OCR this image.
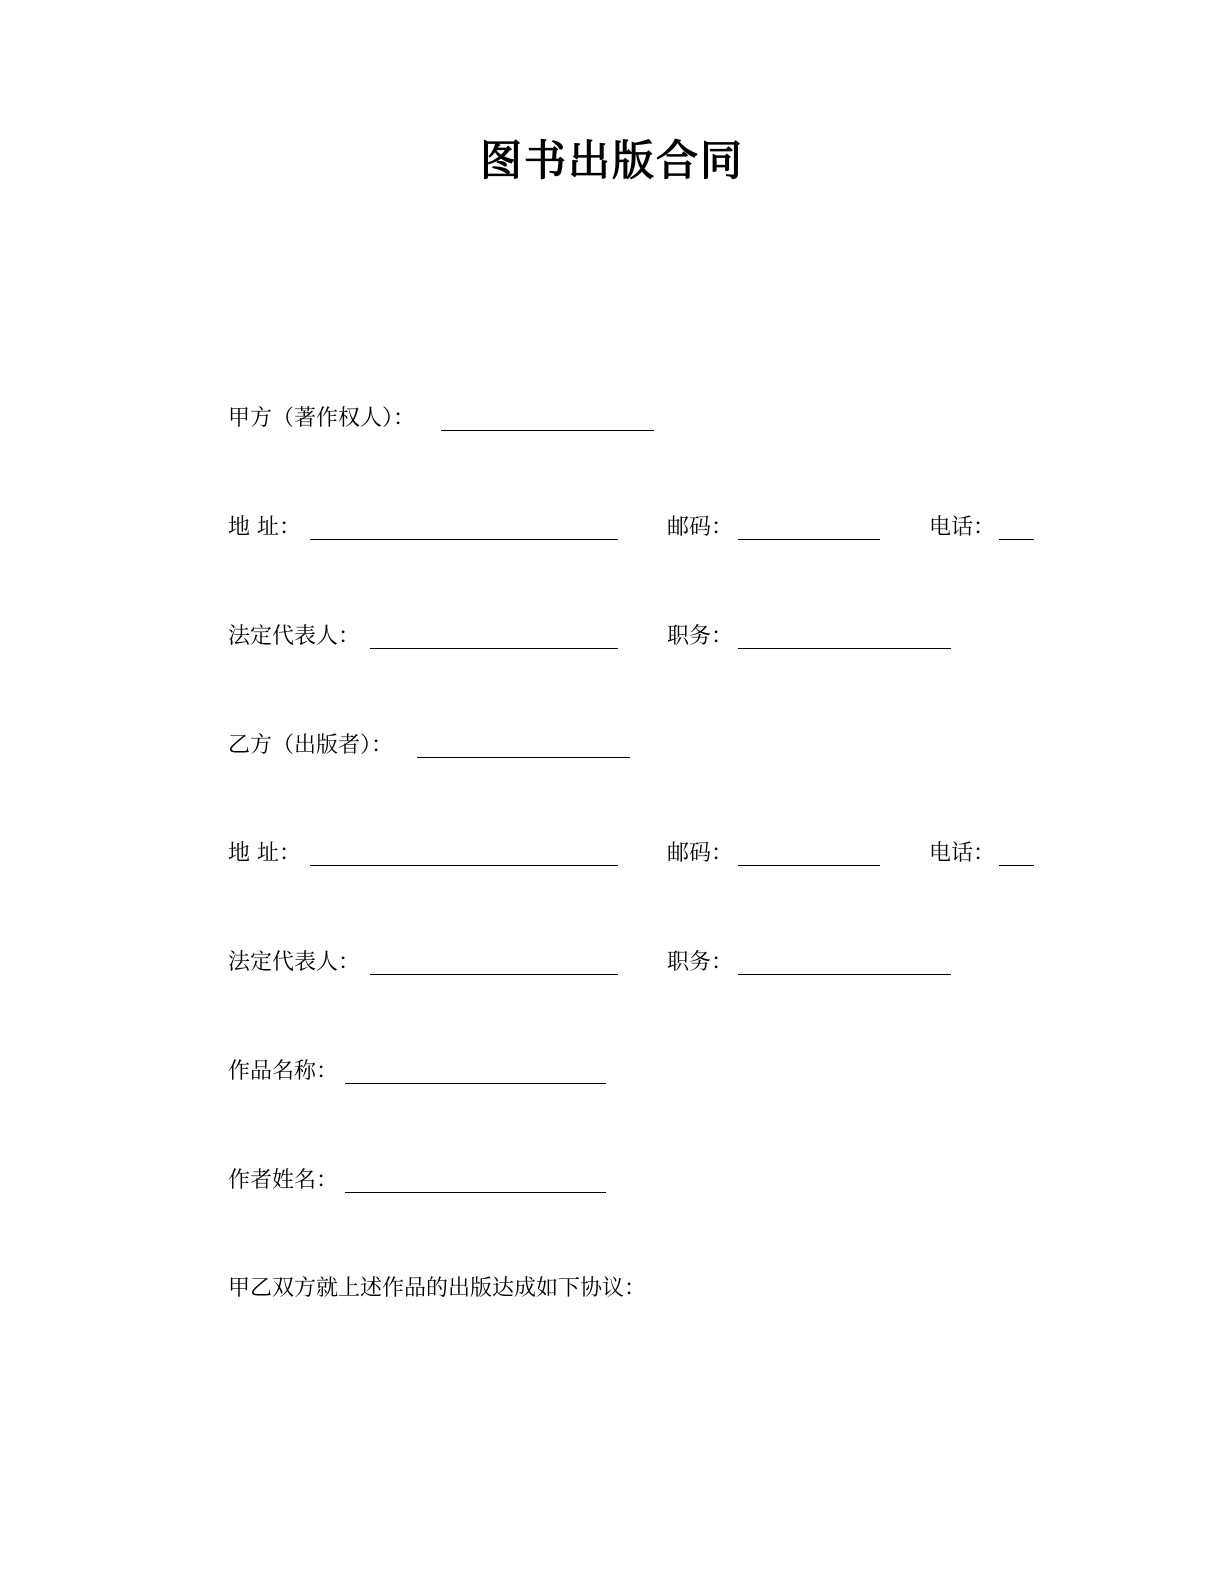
图书出版合同
甲方（著作权人）：
地 址：	邮码：	电话：
法定代表人：	职务：
乙方（出版者）：
地 址：	邮码：	电话：
法定代表人：	职务：
作品名称：
作者姓名：
甲乙双方就上述作品的出版达成如下协议：
